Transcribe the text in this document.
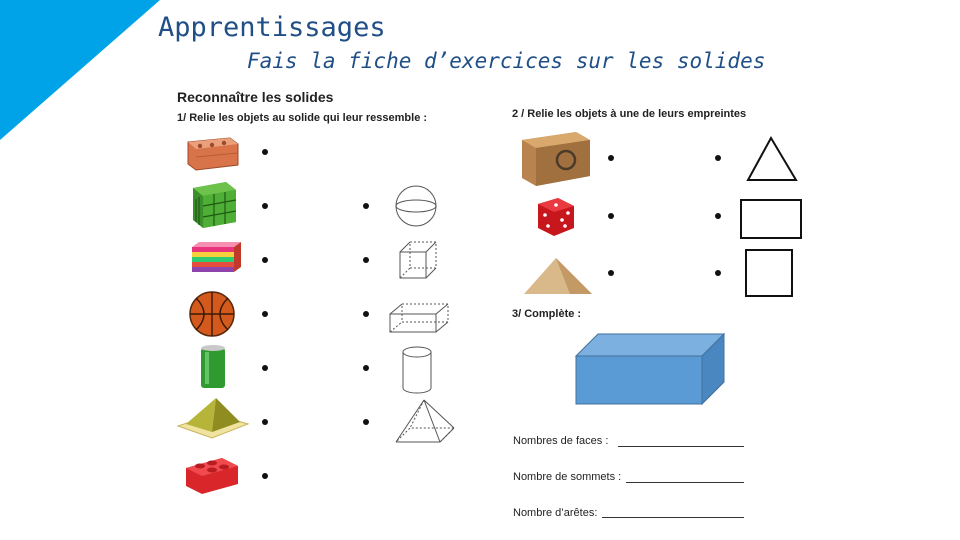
Apprentissages
Fais la fiche d’exercices sur les solides
Reconnaître les solides
1/ Relie les objets au solide qui leur ressemble :	2 / Relie les objets à une de leurs empreintes
3/ Complète :
Nombres de faces :
Nombre de sommets :
Nombre d’arêtes:
